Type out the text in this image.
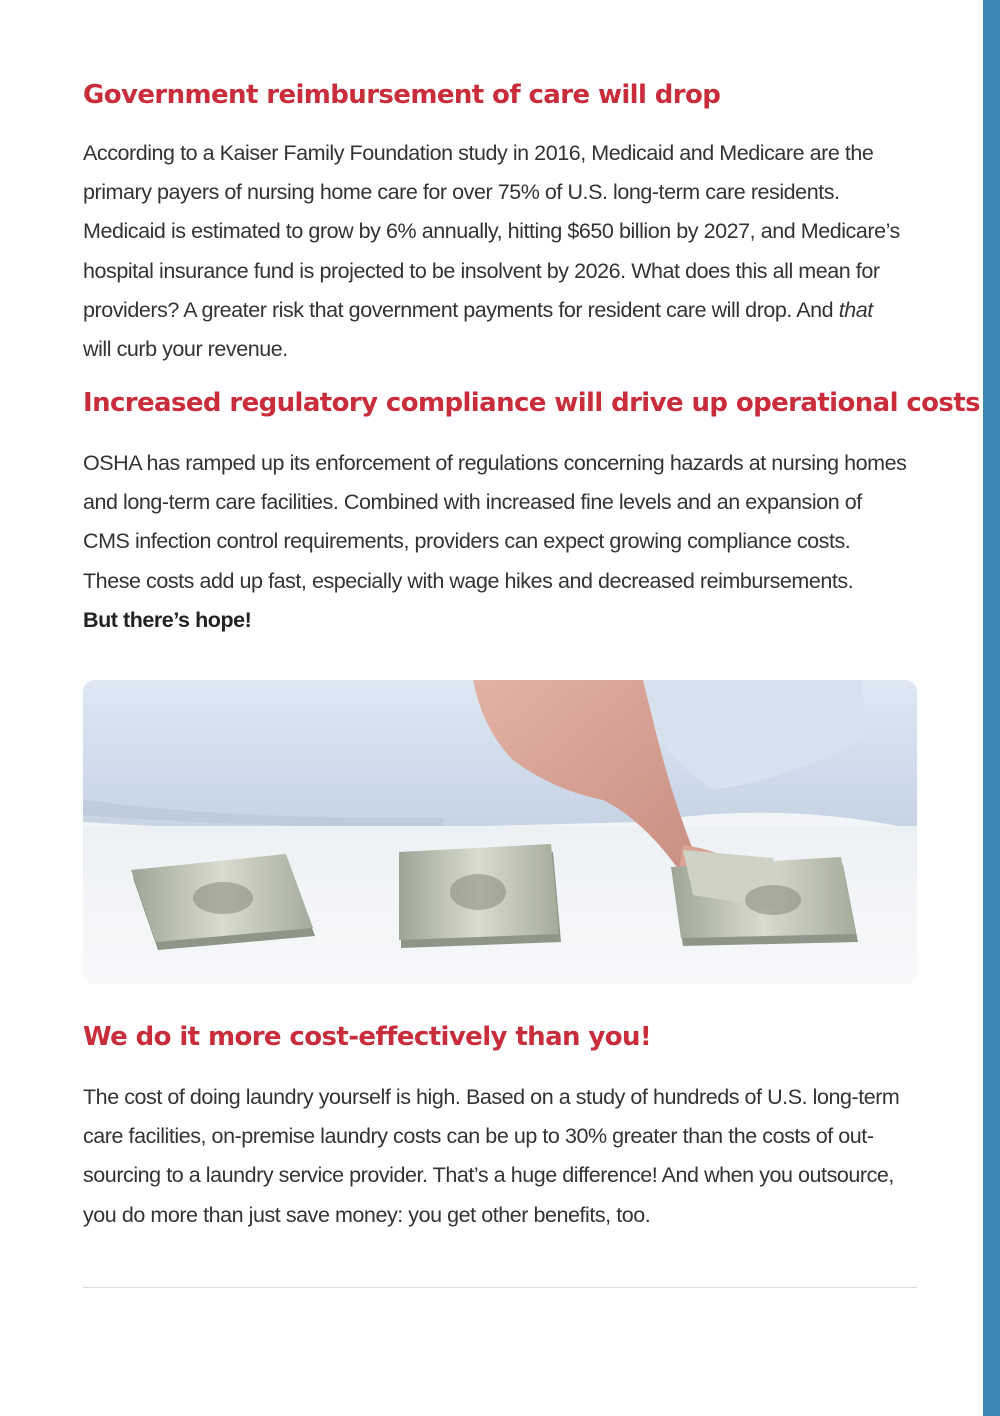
Government reimbursement of care will drop

According to a Kaiser Family Foundation study in 2016, Medicaid and Medicare are the
primary payers of nursing home care for over 75% of U.S. long-term care residents.
Medicaid is estimated to grow by 6% annually, hitting $650 billion by 2027, and Medicare’s
hospital insurance fund is projected to be insolvent by 2026. What does this all mean for
providers? A greater risk that government payments for resident care will drop. And that
will curb your revenue.

Increased regulatory compliance will drive up operational costs

OSHA has ramped up its enforcement of regulations concerning hazards at nursing homes
and long-term care facilities. Combined with increased fine levels and an expansion of
CMS infection control requirements, providers can expect growing compliance costs.
These costs add up fast, especially with wage hikes and decreased reimbursements.
But there’s hope!

We do it more cost-effectively than you!

The cost of doing laundry yourself is high. Based on a study of hundreds of U.S. long-term
care facilities, on-premise laundry costs can be up to 30% greater than the costs of out-
sourcing to a laundry service provider. That’s a huge difference! And when you outsource,
you do more than just save money: you get other benefits, too.
